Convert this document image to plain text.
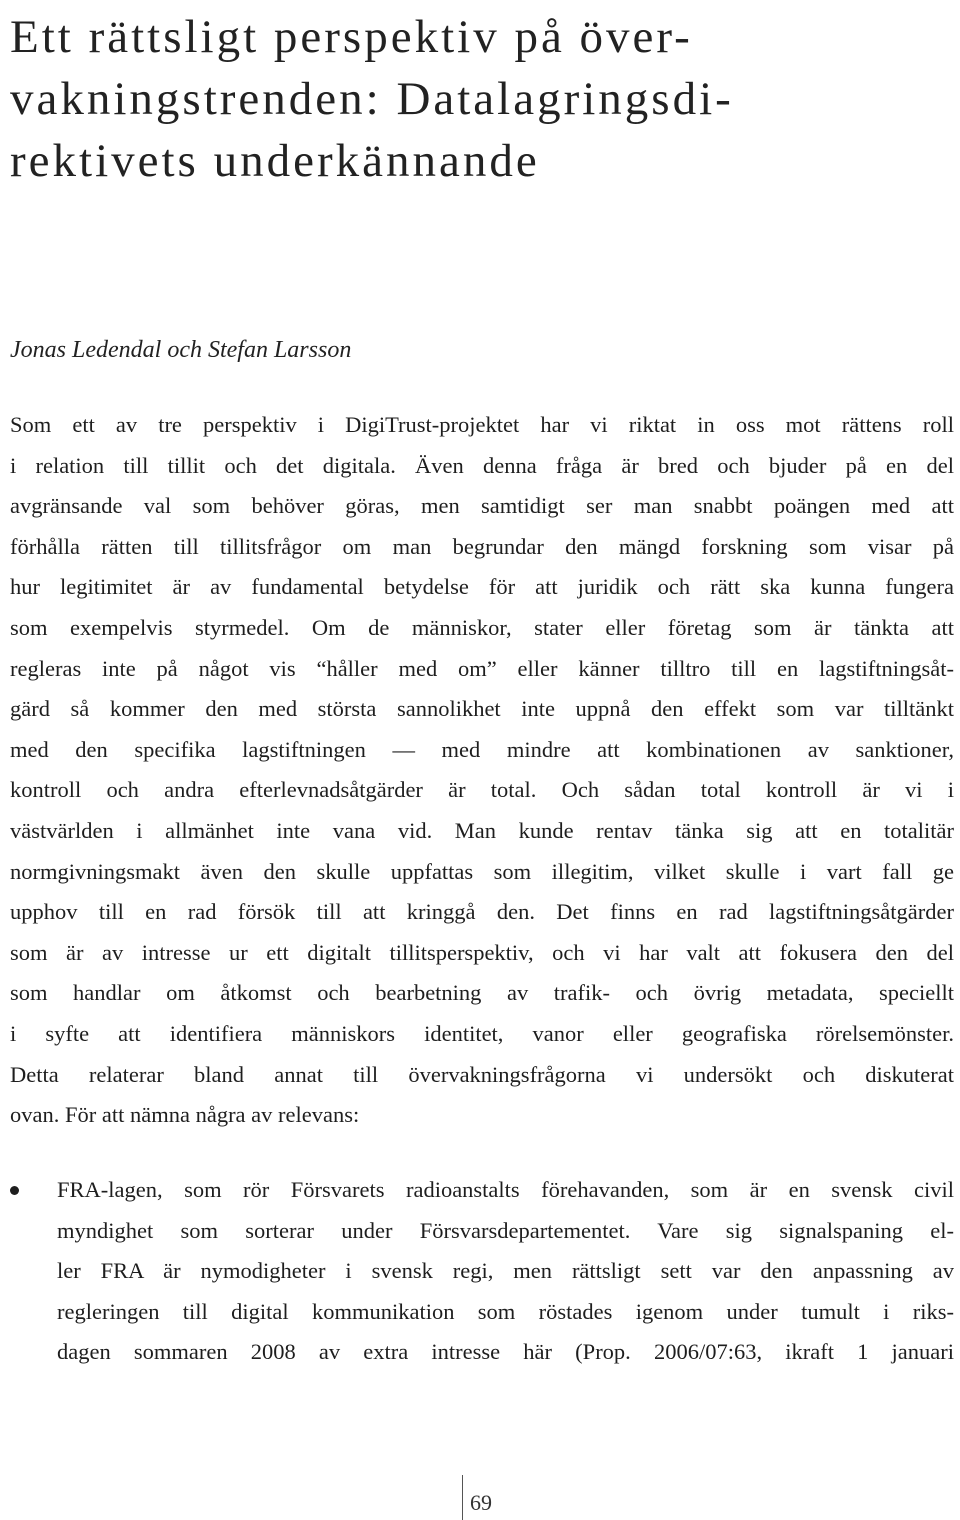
Ett rättsligt perspektiv på över-
vakningstrenden: Datalagringsdi-
rektivets underkännande

Jonas Ledendal och Stefan Larsson

Som ett av tre perspektiv i DigiTrust-projektet har vi riktat in oss mot rättens roll
i relation till tillit och det digitala. Även denna fråga är bred och bjuder på en del
avgränsande val som behöver göras, men samtidigt ser man snabbt poängen med att
förhålla rätten till tillitsfrågor om man begrundar den mängd forskning som visar på
hur legitimitet är av fundamental betydelse för att juridik och rätt ska kunna fungera
som exempelvis styrmedel. Om de människor, stater eller företag som är tänkta att
regleras inte på något vis “håller med om” eller känner tilltro till en lagstiftningsåt-
gärd så kommer den med största sannolikhet inte uppnå den effekt som var tilltänkt
med den specifika lagstiftningen — med mindre att kombinationen av sanktioner,
kontroll och andra efterlevnadsåtgärder är total. Och sådan total kontroll är vi i
västvärlden i allmänhet inte vana vid. Man kunde rentav tänka sig att en totalitär
normgivningsmakt även den skulle uppfattas som illegitim, vilket skulle i vart fall ge
upphov till en rad försök till att kringgå den. Det finns en rad lagstiftningsåtgärder
som är av intresse ur ett digitalt tillitsperspektiv, och vi har valt att fokusera den del
som handlar om åtkomst och bearbetning av trafik- och övrig metadata, speciellt
i syfte att identifiera människors identitet, vanor eller geografiska rörelsemönster.
Detta relaterar bland annat till övervakningsfrågorna vi undersökt och diskuterat
ovan. För att nämna några av relevans:
FRA-lagen, som rör Försvarets radioanstalts förehavanden, som är en svensk civil
myndighet som sorterar under Försvarsdepartementet. Vare sig signalspaning el-
ler FRA är nymodigheter i svensk regi, men rättsligt sett var den anpassning av
regleringen till digital kommunikation som röstades igenom under tumult i riks-
dagen sommaren 2008 av extra intresse här (Prop. 2006/07:63, ikraft 1 januari
69
